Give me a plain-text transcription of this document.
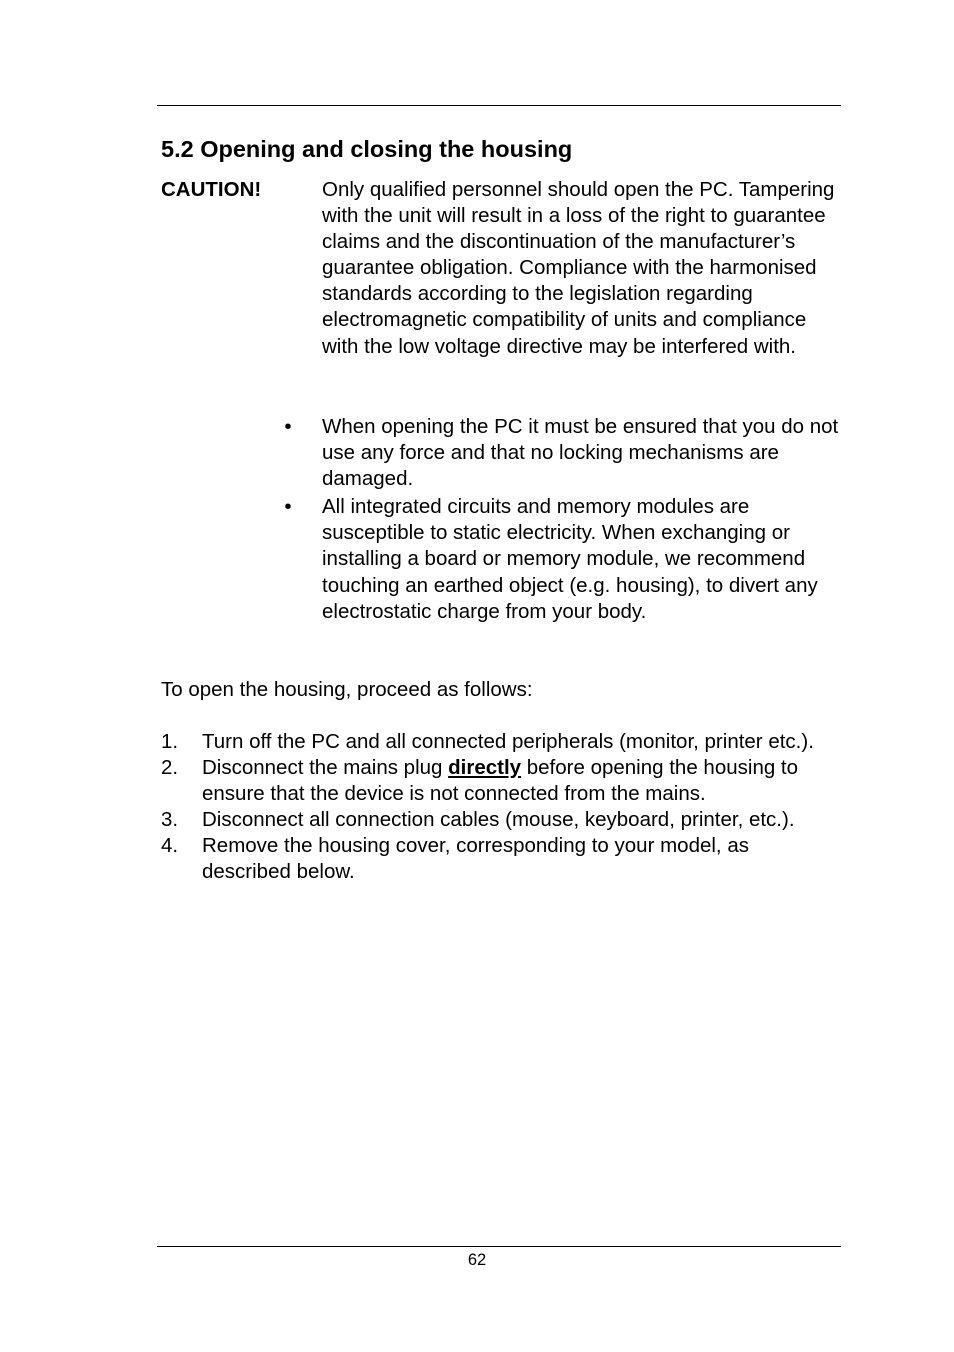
5.2 Opening and closing the housing
CAUTION!	Only qualified personnel should open the PC. Tampering with the unit will result in a loss of the right to guarantee claims and the discontinuation of the manufacturer’s guarantee obligation. Compliance with the harmonised standards according to the legislation regarding electromagnetic compatibility of units and compliance with the low voltage directive may be interfered with.
• When opening the PC it must be ensured that you do not use any force and that no locking mechanisms are damaged.
• All integrated circuits and memory modules are susceptible to static electricity. When exchanging or installing a board or memory module, we recommend touching an earthed object (e.g. housing), to divert any electrostatic charge from your body.
To open the housing, proceed as follows:
1. Turn off the PC and all connected peripherals (monitor, printer etc.).
2. Disconnect the mains plug directly before opening the housing to ensure that the device is not connected from the mains.
3. Disconnect all connection cables (mouse, keyboard, printer, etc.).
4. Remove the housing cover, corresponding to your model, as described below.
62
